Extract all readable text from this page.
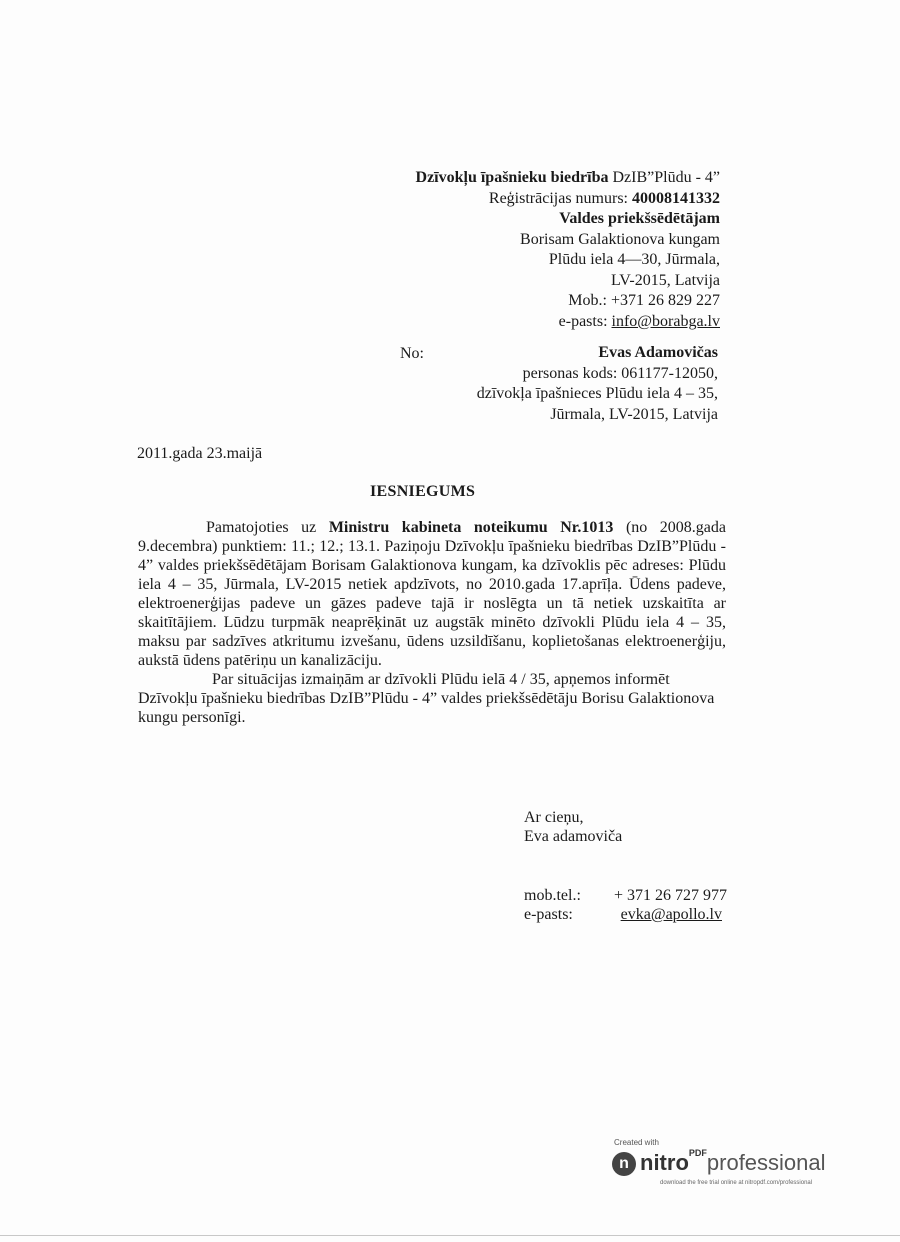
Dzīvokļu īpašnieku biedrība DzIB”Plūdu - 4”
Reģistrācijas numurs: 40008141332
Valdes priekšsēdētājam
Borisam Galaktionova kungam
Plūdu iela 4—30, Jūrmala,
LV-2015, Latvija
Mob.: +371 26 829 227
e-pasts: info@borabga.lv
No:	Evas Adamovičas
personas kods: 061177-12050,
dzīvokļa īpašnieces Plūdu iela 4 – 35,
Jūrmala, LV-2015, Latvija
2011.gada 23.maijā
IESNIEGUMS

Pamatojoties uz Ministru kabineta noteikumu Nr.1013 (no 2008.gada 9.decembra) punktiem: 11.; 12.; 13.1. Paziņoju Dzīvokļu īpašnieku biedrības DzIB”Plūdu - 4” valdes priekšsēdētājam Borisam Galaktionova kungam, ka dzīvoklis pēc adreses: Plūdu iela 4 – 35, Jūrmala, LV-2015 netiek apdzīvots, no 2010.gada 17.aprīļa. Ūdens padeve, elektroenerģijas padeve un gāzes padeve tajā ir noslēgta un tā netiek uzskaitīta ar skaitītājiem. Lūdzu turpmāk neaprēķināt uz augstāk minēto dzīvokli Plūdu iela 4 – 35, maksu par sadzīves atkritumu izvešanu, ūdens uzsildīšanu, koplietošanas elektroenerģiju, aukstā ūdens patēriņu un kanalizāciju.

Par situācijas izmaiņām ar dzīvokli Plūdu ielā 4 / 35, apņemos informēt Dzīvokļu īpašnieku biedrības DzIB”Plūdu - 4” valdes priekšsēdētāju Borisu Galaktionova kungu personīgi.

Ar cieņu,
Eva adamoviča
mob.tel.:	+ 371 26 727 977
e-pasts:	evka@apollo.lv
Created with
n nitro$^{PDF}$professional
download the free trial online at nitropdf.com/professional
